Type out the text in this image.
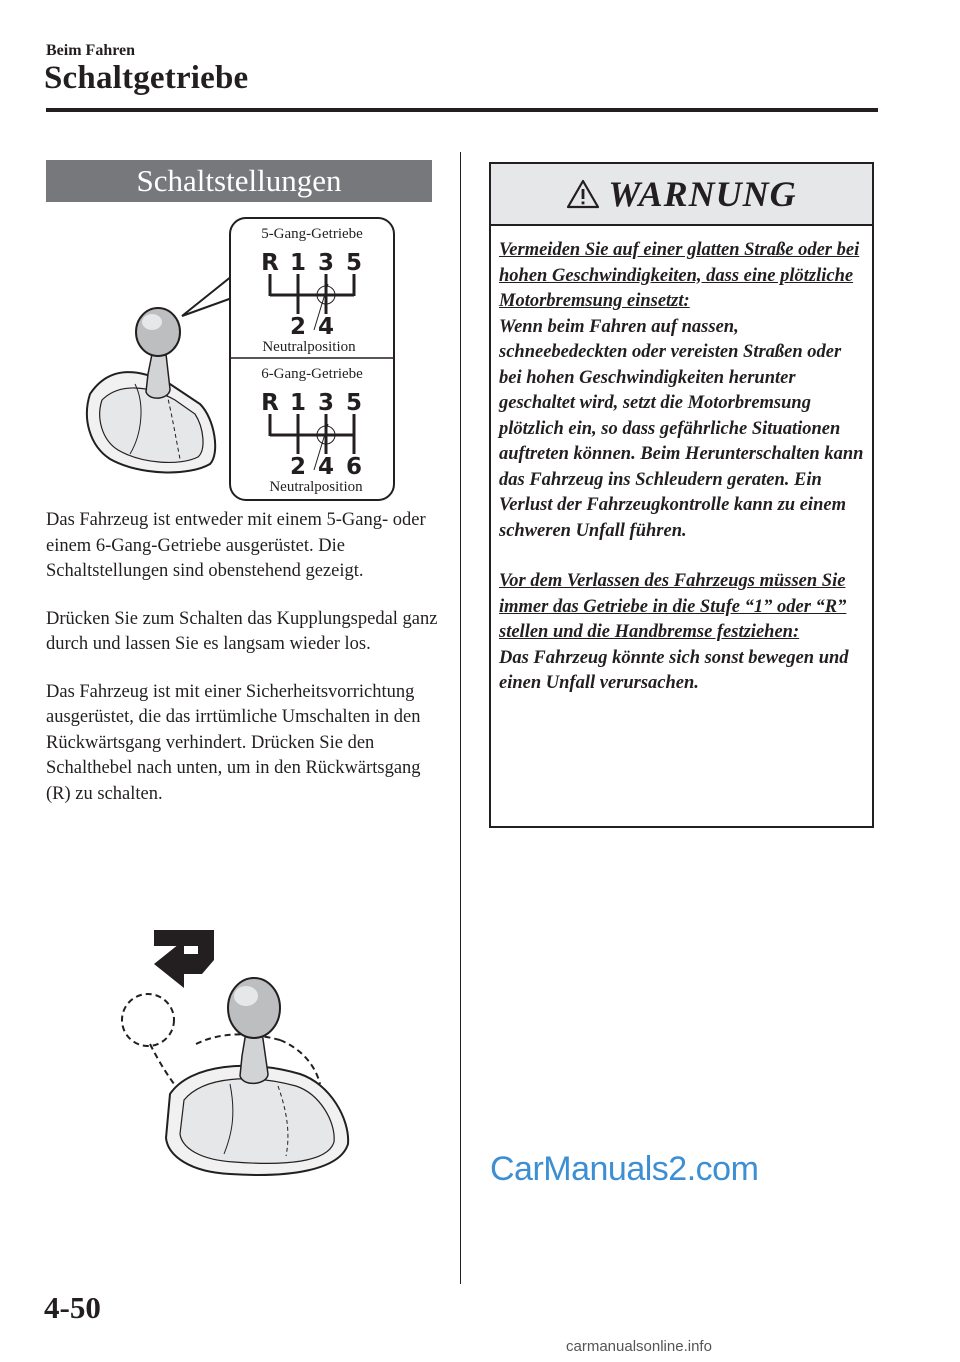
Beim Fahren
Schaltgetriebe
Schaltstellungen
5-Gang-Getriebe
R 1 3 5
2 4
Neutralposition
6-Gang-Getriebe
R 1 3 5
2 4 6
Neutralposition

Das Fahrzeug ist entweder mit einem 5-Gang- oder einem 6-Gang-Getriebe ausgerüstet. Die Schaltstellungen sind obenstehend gezeigt.

Drücken Sie zum Schalten das Kupplungspedal ganz durch und lassen Sie es langsam wieder los.

Das Fahrzeug ist mit einer Sicherheitsvorrichtung ausgerüstet, die das irrtümliche Umschalten in den Rückwärtsgang verhindert. Drücken Sie den Schalthebel nach unten, um in den Rückwärtsgang (R) zu schalten.

WARNUNG
Vermeiden Sie auf einer glatten Straße oder bei hohen Geschwindigkeiten, dass eine plötzliche Motorbremsung einsetzt:

Wenn beim Fahren auf nassen, schneebedeckten oder vereisten Straßen oder bei hohen Geschwindigkeiten herunter geschaltet wird, setzt die Motorbremsung plötzlich ein, so dass gefährliche Situationen auftreten können. Beim Herunterschalten kann das Fahrzeug ins Schleudern geraten. Ein Verlust der Fahrzeugkontrolle kann zu einem schweren Unfall führen.

Vor dem Verlassen des Fahrzeugs müssen Sie immer das Getriebe in die Stufe “1” oder “R” stellen und die Handbremse festziehen:

Das Fahrzeug könnte sich sonst bewegen und einen Unfall verursachen.

CarManuals2.com
4-50
carmanualsonline.info
